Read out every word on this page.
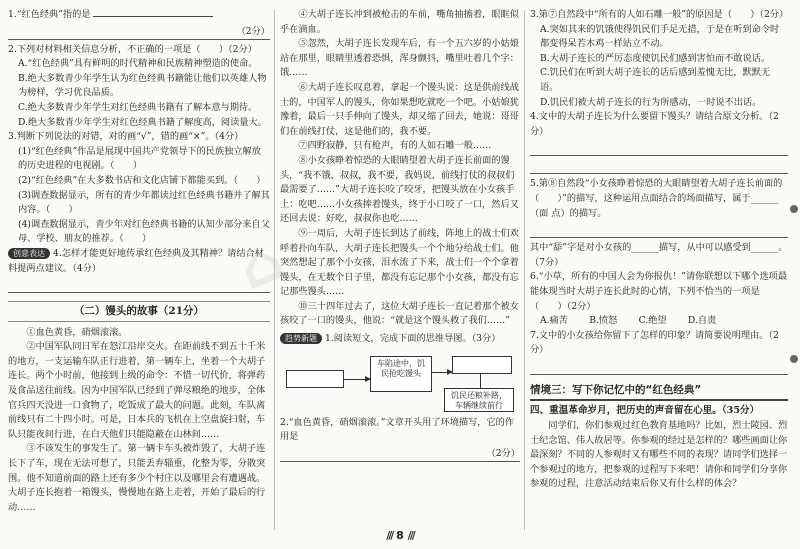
⌂

1.“红色经典”指的是

（2分）

2.下列对材料相关信息分析，不正确的一项是（　　）（2分）

A.“红色经典”具有鲜明的时代精神和民族精神塑造的使命。

B.绝大多数青少年学生认为红色经典书籍能让他们以英雄人物为榜样，学习优良品质。

C.绝大多数青少年学生对红色经典书籍有了解本意与期待。

D.绝大多数青少年学生对红色经典书籍了解度高，阅读量大。

3.判断下列说法的对错，对的画“√”，错的画“×”。（4分）

(1)“红色经典”作品是展现中国共产党领导下的民族独立解放的历史进程的电视剧。（　　）

(2)“红色经典”在大多数书店和文化店铺下都能买到。（　　）

(3)调查数据显示，所有的青少年都读过红色经典书籍并了解其内容。（　　）

(4)调查数据显示，青少年对红色经典书籍的认知少部分来自父母、学校、朋友的推荐。（　　）

创意表达 4.怎样才能更好地传承红色经典及其精神？请结合材料提两点建议。（4分）

（二）馒头的故事（21分）

①血色黄昏，硝烟滚滚。

②中国军队同日军在怒江沿岸交火。在距前线不到五十千米的地方，一支运输车队正行进着，第一辆车上，坐着一个大胡子连长。两个小时前，他接到上级的命令：不惜一切代价，将弹药及食品送往前线。因为中国军队已经到了弹尽粮绝的地步，全体官兵四天没进一口食物了，吃饭成了最大的问题。此刻，车队离前线只有二十四小时。可是，日本兵的飞机在上空盘旋扫射，车队只能夜间行进，在白天他们只能隐蔽在山林间……

③不该发生的事发生了。第一辆卡车头被炸毁了，大胡子连长下了车，现在无法可想了，只能丢弃辎重，化整为零，分散突围。他不知道前面的路上还有多少个村庄以及哪里会有遭遇战。大胡子连长抱着一箱馒头，慢慢地在路上走着，开始了最后的行动……

④大胡子连长冲到被枪击的车前，嘴角抽搐着，眼眶似乎在滴血。

⑤忽然，大胡子连长发现车后，有一个五六岁的小姑娘站在那里，眼睛里透着恐惧，浑身颤抖，嘴里吐着几个字：饿……

⑥大胡子连长叹息着，拿起一个馒头说：这是供前线战士的，中国军人的馒头，你如果想吃就吃一个吧。小姑娘犹豫着，最后一只手伸向了馒头，却又缩了回去，她说：哥哥们在前线打仗，这是他们的，我不要。

⑦四野寂静，只有枪声，有的人如石雕一般……

⑧小女孩睁着惊恐的大眼睛望着大胡子连长前面的馒头，“我不饿，叔叔，我不要，我妈说，前线打仗的叔叔们最需要了……”大胡子连长咬了咬牙，把馒头放在小女孩手上：吃吧……小女孩捧着馒头，终于小口咬了一口，然后又还回去说：好吃，叔叔你也吃……

⑨一周后，大胡子连长到达了前线，阵地上的战士们欢呼着扑向车队，大胡子连长把馒头一个个地分给战士们。他突然想起了那个小女孩，泪水流了下来，战士们一个个拿着馒头，在无数个日子里，都没有忘记那个小女孩，都没有忘记那些馒头……

⑩三十四年过去了，这位大胡子连长一直记着那个被女孩咬了一口的馒头，他说：“就是这个馒头救了我们……”

趋势新题 1.阅读短文，完成下面的思维导图。（3分）

车陷途中，饥民抢吃馒头
饥民还粮补路，车辆继续前行

2.“血色黄昏，硝烟滚滚。”文章开头用了环境描写，它的作用是

（2分）

3.第⑦自然段中“所有的人如石雕一般”的原因是（　　）（2分）

A.突如其来的饥饿使得饥民们手足无措，于是在听到命令时都变得呆若木鸡一样站立不动。

B.大胡子连长的严厉态度使饥民们感到害怕而不敢说话。

C.饥民们在听到大胡子连长的话后感到羞愧无比，默默无语。

D.饥民们被大胡子连长的行为所感动，一时说不出话。

4.文中的大胡子连长为什么要留下馒头？请结合原文分析。（2分）

5.第⑧自然段“小女孩睁着惊恐的大眼睛望着大胡子连长前面的（　　）”的描写，这种运用点面结合的场面描写，属于______（面 点）的描写。

其中“舔”字是对小女孩的______描写，从中可以感受到______。（7分）

6.“小草，所有的中国人会为你报仇！”请你联想以下哪个选项最能体现当时大胡子连长此时的心情，下列不恰当的一项是（　　）（2分）

A.痛苦   B.愤怒   C.绝望   D.自责

7.文中的小女孩给你留下了怎样的印象？请简要说明理由。（2分）

情境三：写下你记忆中的“红色经典”
四、重温革命岁月，把历史的声音留在心里。（35分）

同学们，你们参观过红色教育基地吗？比如，烈士陵园、烈士纪念馆、伟人故居等。你参观的经过是怎样的？哪些画面让你最深刻？不同的人参观时又有哪些不同的表现？请同学们选择一个参观过的地方，把参观的过程写下来吧！请你和同学们分享你参观的过程，注意活动结束后你又有什么样的体会？

/// 8 ///
